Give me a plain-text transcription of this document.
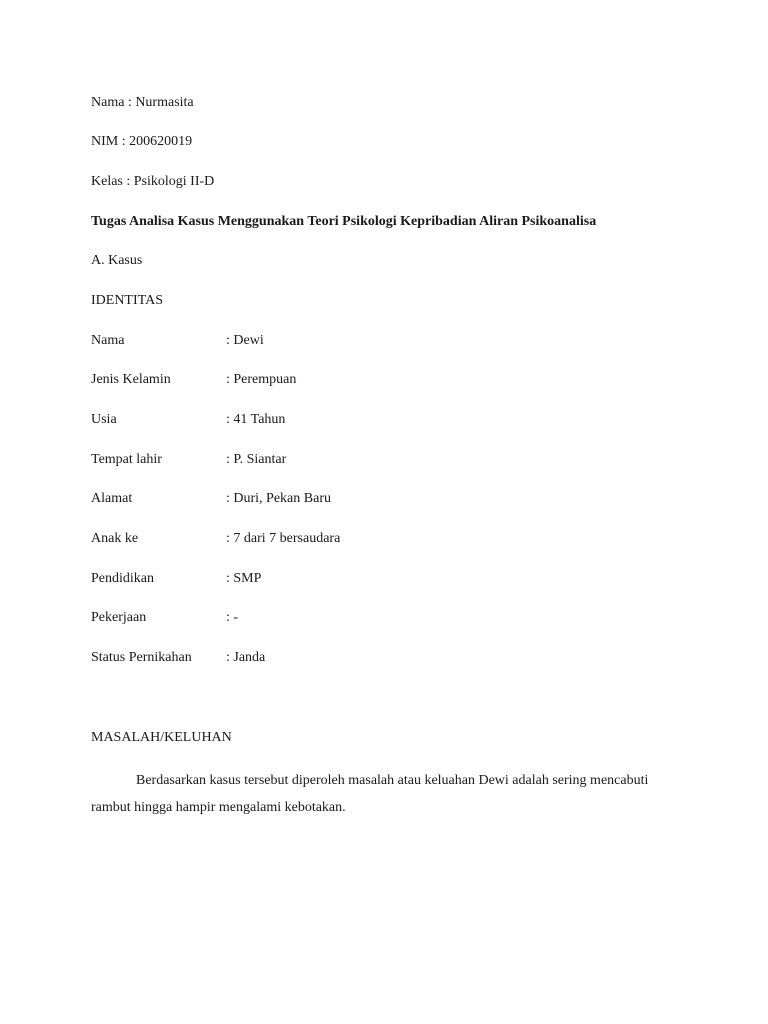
Nama : Nurmasita
NIM : 200620019
Kelas : Psikologi II-D
Tugas Analisa Kasus Menggunakan Teori Psikologi Kepribadian Aliran Psikoanalisa
A. Kasus
IDENTITAS
Nama	: Dewi
Jenis Kelamin	: Perempuan
Usia	: 41 Tahun
Tempat lahir	: P. Siantar
Alamat	: Duri, Pekan Baru
Anak ke	: 7 dari 7 bersaudara
Pendidikan	: SMP
Pekerjaan	: -
Status Pernikahan : Janda
MASALAH/KELUHAN
Berdasarkan kasus tersebut diperoleh masalah atau keluahan Dewi adalah sering mencabuti rambut hingga hampir mengalami kebotakan.
